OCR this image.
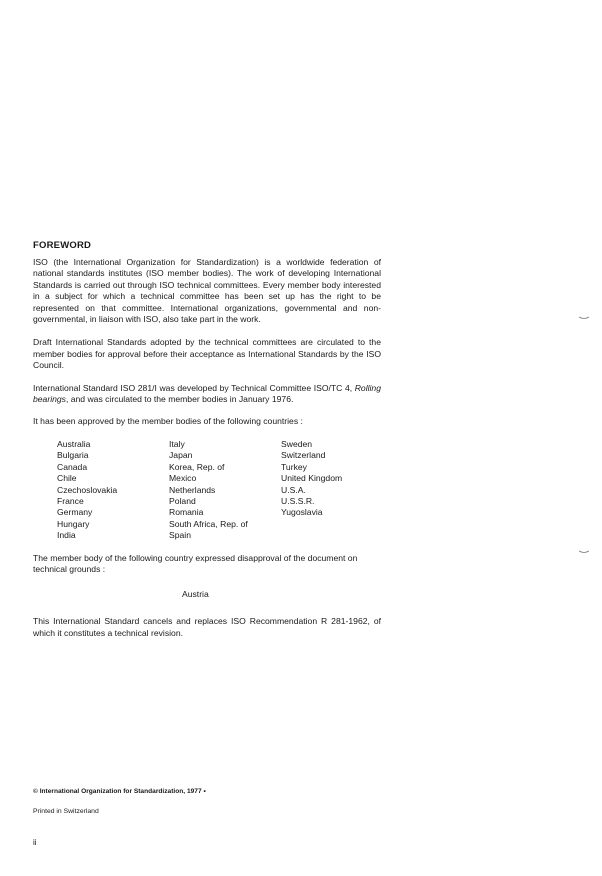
FOREWORD

ISO (the International Organization for Standardization) is a worldwide federation of national standards institutes (ISO member bodies). The work of developing International Standards is carried out through ISO technical committees. Every member body interested in a subject for which a technical committee has been set up has the right to be represented on that committee. International organizations, governmental and non-governmental, in liaison with ISO, also take part in the work.

Draft International Standards adopted by the technical committees are circulated to the member bodies for approval before their acceptance as International Standards by the ISO Council.

International Standard ISO 281/I was developed by Technical Committee ISO/TC 4, Rolling bearings, and was circulated to the member bodies in January 1976.

It has been approved by the member bodies of the following countries :

Australia
Bulgaria
Canada
Chile
Czechoslovakia
France
Germany
Hungary
India
Italy
Japan
Korea, Rep. of
Mexico
Netherlands
Poland
Romania
South Africa, Rep. of
Spain
Sweden
Switzerland
Turkey
United Kingdom
U.S.A.
U.S.S.R.
Yugoslavia

The member body of the following country expressed disapproval of the document on technical grounds :

Austria

This International Standard cancels and replaces ISO Recommendation R 281-1962, of which it constitutes a technical revision.

© International Organization for Standardization, 1977 •
Printed in Switzerland
ii
